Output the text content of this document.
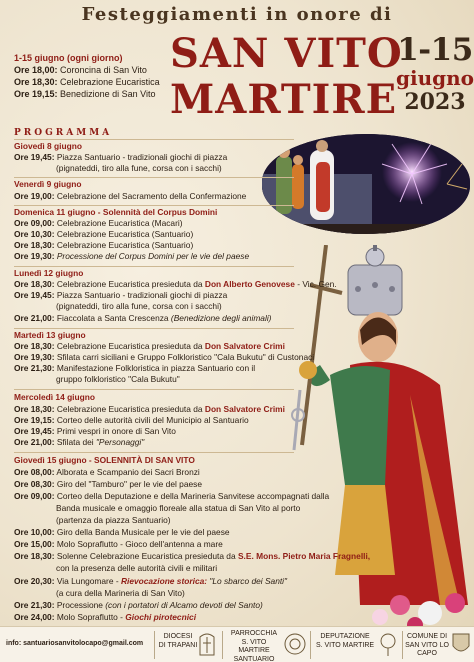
Festeggiamenti in onore di
SAN VITO
MARTIRE
1-15
giugno
2023
1-15 giugno (ogni giorno)
Ore 18,00: Coroncina di San Vito
Ore 18,30: Celebrazione Eucaristica
Ore 19,15: Benedizione di San Vito
PROGRAMMA
Giovedì 8 giugno
Ore 19,45: Piazza Santuario - tradizionali giochi di piazza
(pignateddi, tiro alla fune, corsa con i sacchi)
Venerdì 9 giugno
Ore 19,00: Celebrazione del Sacramento della Confermazione
Domenica 11 giugno - Solennità del Corpus Domini
Ore 09,00: Celebrazione Eucaristica (Macari)
Ore 10,30: Celebrazione Eucaristica (Santuario)
Ore 18,30: Celebrazione Eucaristica (Santuario)
Ore 19,30: Processione del Corpus Domini per le vie del paese
Lunedì 12 giugno
Ore 18,30: Celebrazione Eucaristica presieduta da Don Alberto Genovese - Vic. Gen.
Ore 19,45: Piazza Santuario - tradizionali giochi di piazza
(pignateddi, tiro alla fune, corsa con i sacchi)
Ore 21,00: Fiaccolata a Santa Crescenza (Benedizione degli animali)
Martedì 13 giugno
Ore 18,30: Celebrazione Eucaristica presieduta da Don Salvatore Crimi
Ore 19,30: Sfilata carri siciliani e Gruppo Folkloristico "Cala Bukutu" di Custonaci
Ore 21,30: Manifestazione Folkloristica in piazza Santuario con il
gruppo folkloristico "Cala Bukutu"
Mercoledì 14 giugno
Ore 18,30: Celebrazione Eucaristica presieduta da Don Salvatore Crimi
Ore 19,15: Corteo delle autorità civili del Municipio al Santuario
Ore 19,45: Primi vespri in onore di San Vito
Ore 21,00: Sfilata dei "Personaggi"
Giovedì 15 giugno - SOLENNITÀ DI SAN VITO
Ore 08,00: Alborata e Scampanio dei Sacri Bronzi
Ore 08,30: Giro del "Tamburo" per le vie del paese
Ore 09,00: Corteo della Deputazione e della Marineria Sanvitese accompagnati dalla
Banda musicale e omaggio floreale alla statua di San Vito al porto
(partenza da piazza Santuario)
Ore 10,00: Giro della Banda Musicale per le vie del paese
Ore 15,00: Molo Sopraflutto - Gioco dell'antenna a mare
Ore 18,30: Solenne Celebrazione Eucaristica presieduta da S.E. Mons. Pietro Maria Fragnelli,
con la presenza delle autorità civili e militari
Ore 20,30: Via Lungomare - Rievocazione storica: "Lo sbarco dei Santi"
(a cura della Marineria di San Vito)
Ore 21,30: Processione (con i portatori di Alcamo devoti del Santo)
Ore 24,00: Molo Sopraflutto - Giochi pirotecnici
info: santuariosanvitolocapo@gmail.com
DIOCESI
DI TRAPANI
PARROCCHIA
S. VITO MARTIRE
SANTUARIO
DEPUTAZIONE
S. VITO MARTIRE
COMUNE DI
SAN VITO LO CAPO
